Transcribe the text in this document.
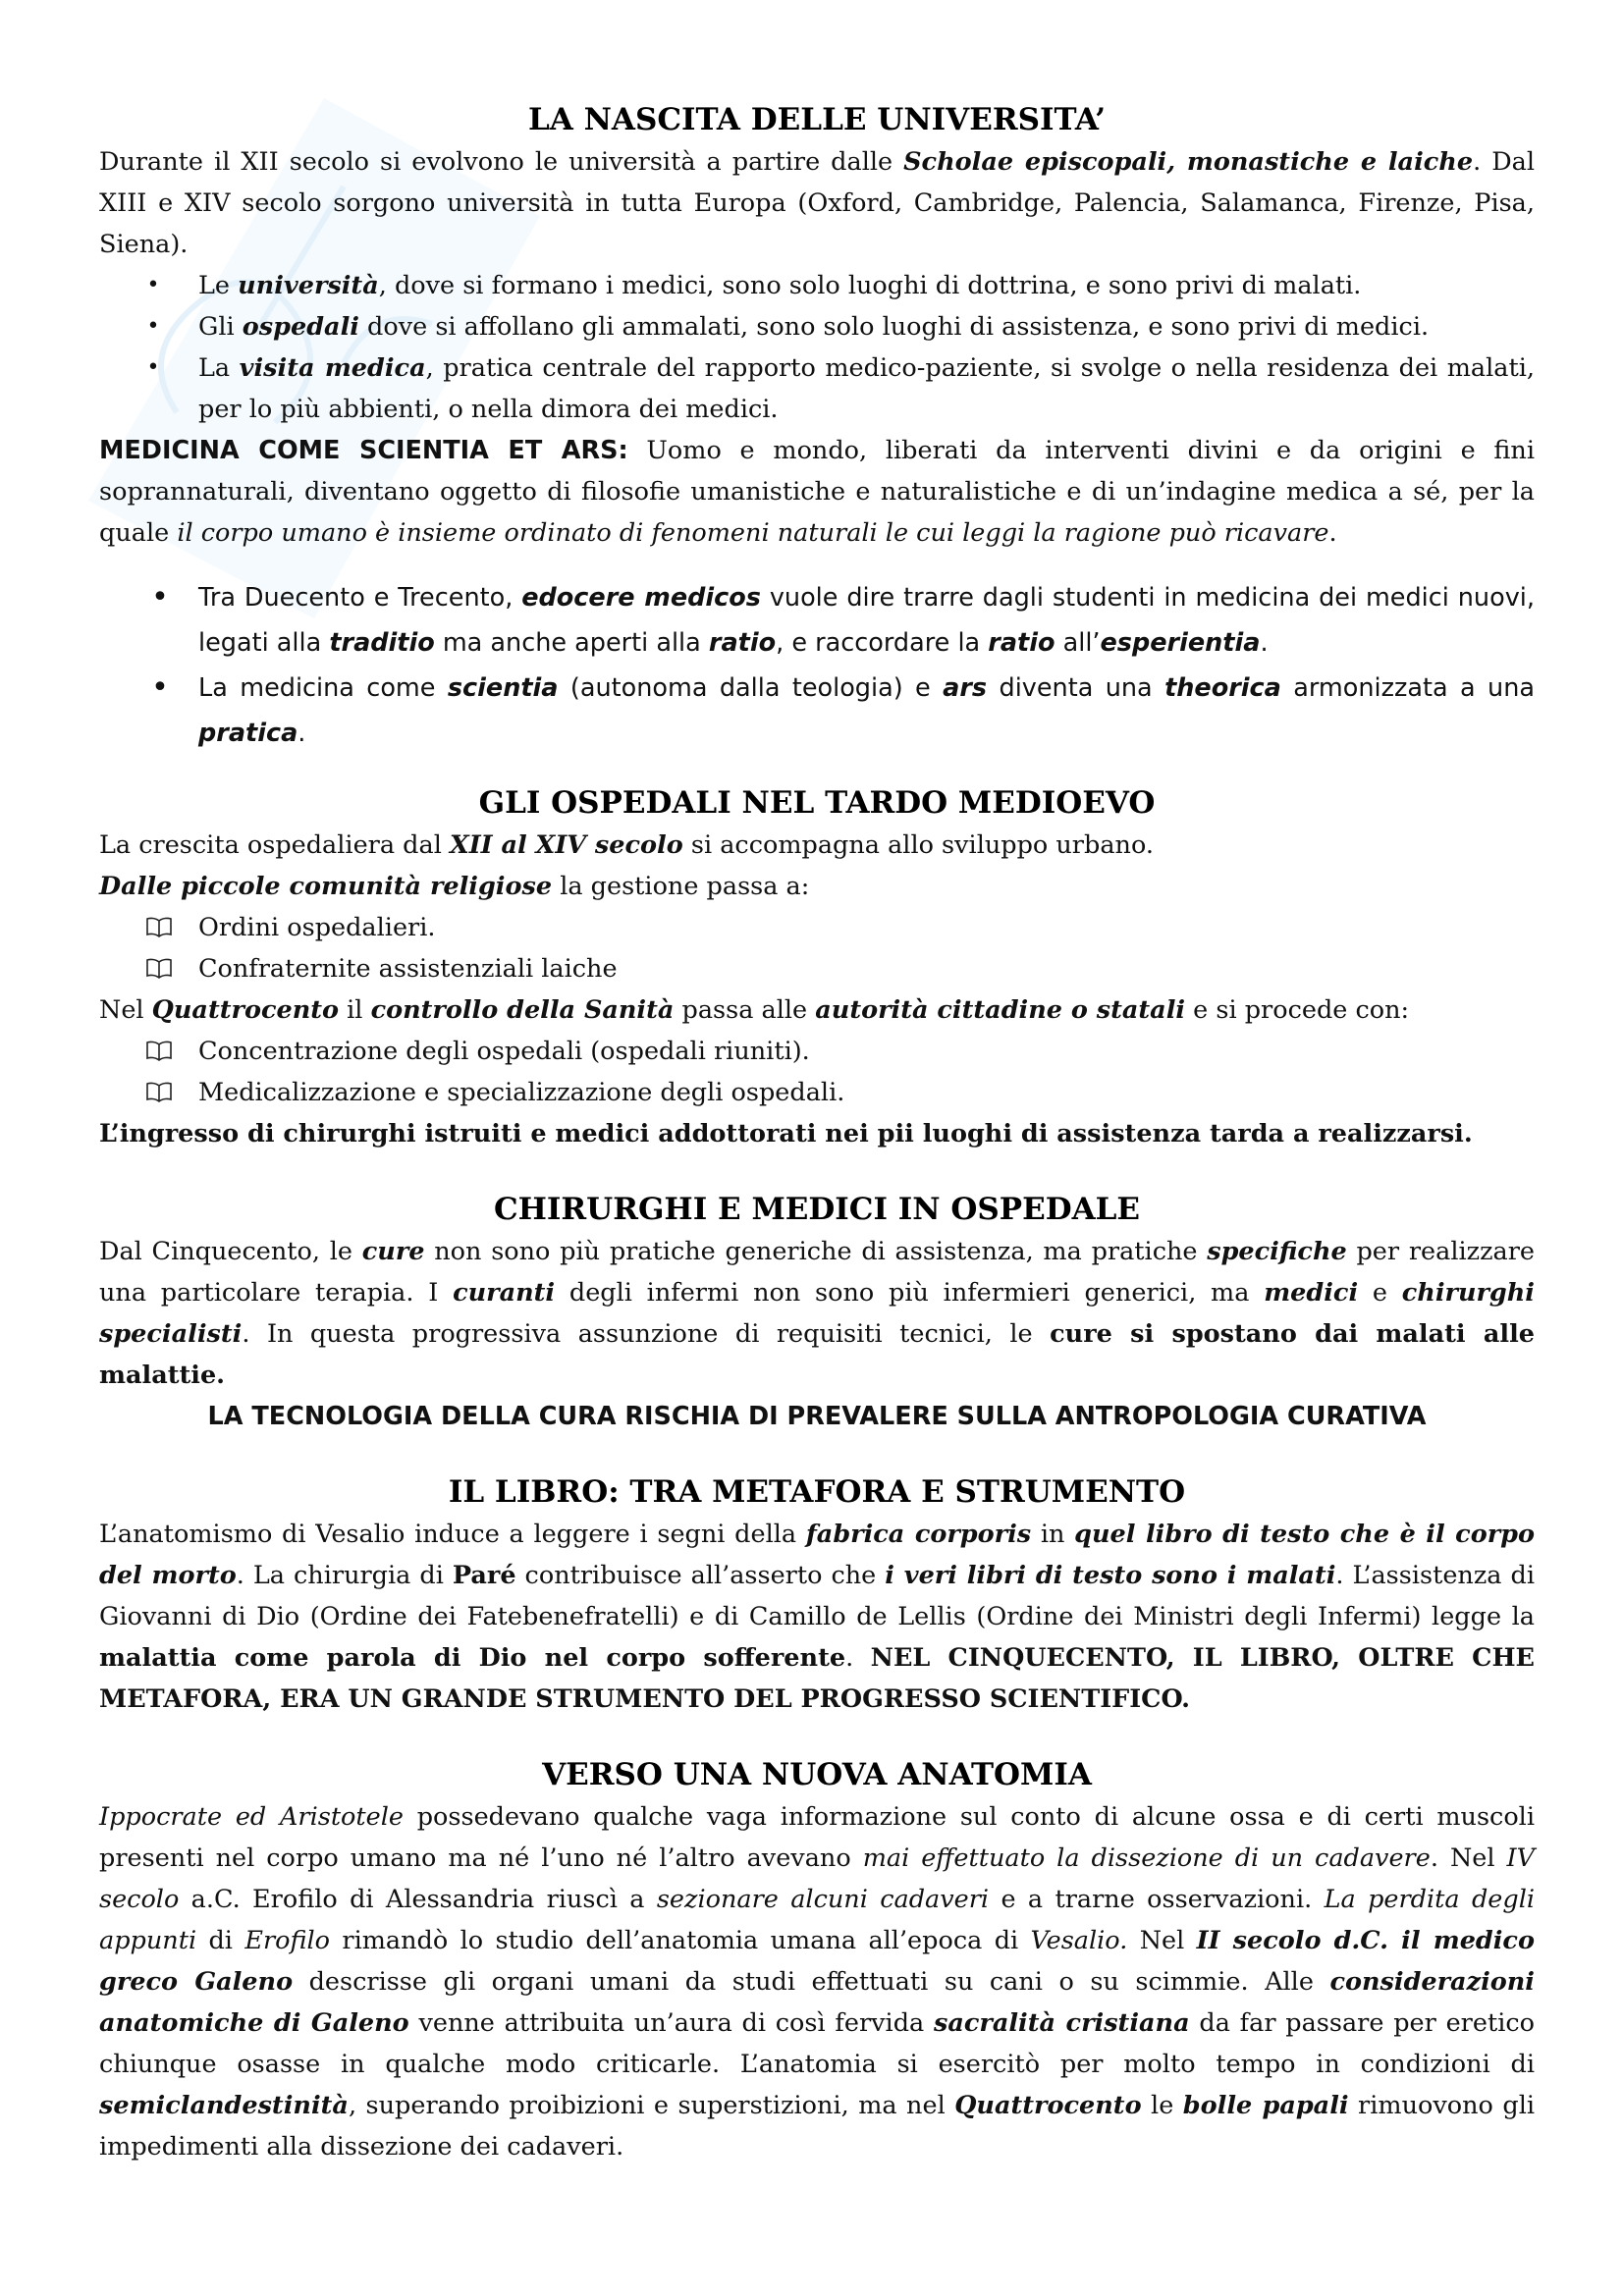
LA NASCITA DELLE UNIVERSITA’

Durante il XII secolo si evolvono le università a partire dalle Scholae episcopali, monastiche e laiche. Dal XIII e XIV secolo sorgono università in tutta Europa (Oxford, Cambridge, Palencia, Salamanca, Firenze, Pisa, Siena).

•	Le università, dove si formano i medici, sono solo luoghi di dottrina, e sono privi di malati.

•	Gli ospedali dove si affollano gli ammalati, sono solo luoghi di assistenza, e sono privi di medici.

•	La visita medica, pratica centrale del rapporto medico-paziente, si svolge o nella residenza dei malati, per lo più abbienti, o nella dimora dei medici.

MEDICINA COME SCIENTIA ET ARS: Uomo e mondo, liberati da interventi divini e da origini e fini soprannaturali, diventano oggetto di filosofie umanistiche e naturalistiche e di un’indagine medica a sé, per la quale il corpo umano è insieme ordinato di fenomeni naturali le cui leggi la ragione può ricavare.

• Tra Duecento e Trecento, edocere medicos vuole dire trarre dagli studenti in medicina dei medici nuovi, legati alla traditio ma anche aperti alla ratio, e raccordare la ratio all’esperientia.

• La medicina come scientia (autonoma dalla teologia) e ars diventa una theorica armonizzata a una pratica.

GLI OSPEDALI NEL TARDO MEDIOEVO

La crescita ospedaliera dal XII al XIV secolo si accompagna allo sviluppo urbano.

Dalle piccole comunità religiose la gestione passa a:

Ordini ospedalieri.

Confraternite assistenziali laiche

Nel Quattrocento il controllo della Sanità passa alle autorità cittadine o statali e si procede con:

Concentrazione degli ospedali (ospedali riuniti).

Medicalizzazione e specializzazione degli ospedali.

L’ingresso di chirurghi istruiti e medici addottorati nei pii luoghi di assistenza tarda a realizzarsi.

CHIRURGHI E MEDICI IN OSPEDALE

Dal Cinquecento, le cure non sono più pratiche generiche di assistenza, ma pratiche specifiche per realizzare una particolare terapia. I curanti degli infermi non sono più infermieri generici, ma medici e chirurghi specialisti. In questa progressiva assunzione di requisiti tecnici, le cure si spostano dai malati alle malattie.

LA TECNOLOGIA DELLA CURA RISCHIA DI PREVALERE SULLA ANTROPOLOGIA CURATIVA

IL LIBRO: TRA METAFORA E STRUMENTO

L’anatomismo di Vesalio induce a leggere i segni della fabrica corporis in quel libro di testo che è il corpo del morto. La chirurgia di Paré contribuisce all’asserto che i veri libri di testo sono i malati. L’assistenza di Giovanni di Dio (Ordine dei Fatebenefratelli) e di Camillo de Lellis (Ordine dei Ministri degli Infermi) legge la malattia come parola di Dio nel corpo sofferente. NEL CINQUECENTO, IL LIBRO, OLTRE CHE METAFORA, ERA UN GRANDE STRUMENTO DEL PROGRESSO SCIENTIFICO.

VERSO UNA NUOVA ANATOMIA

Ippocrate ed Aristotele possedevano qualche vaga informazione sul conto di alcune ossa e di certi muscoli presenti nel corpo umano ma né l’uno né l’altro avevano mai effettuato la dissezione di un cadavere. Nel IV secolo a.C. Erofilo di Alessandria riuscì a sezionare alcuni cadaveri e a trarne osservazioni. La perdita degli appunti di Erofilo rimandò lo studio dell’anatomia umana all’epoca di Vesalio. Nel II secolo d.C. il medico greco Galeno descrisse gli organi umani da studi effettuati su cani o su scimmie. Alle considerazioni anatomiche di Galeno venne attribuita un’aura di così fervida sacralità cristiana da far passare per eretico chiunque osasse in qualche modo criticarle. L’anatomia si esercitò per molto tempo in condizioni di semiclandestinità, superando proibizioni e superstizioni, ma nel Quattrocento le bolle papali rimuovono gli impedimenti alla dissezione dei cadaveri.
